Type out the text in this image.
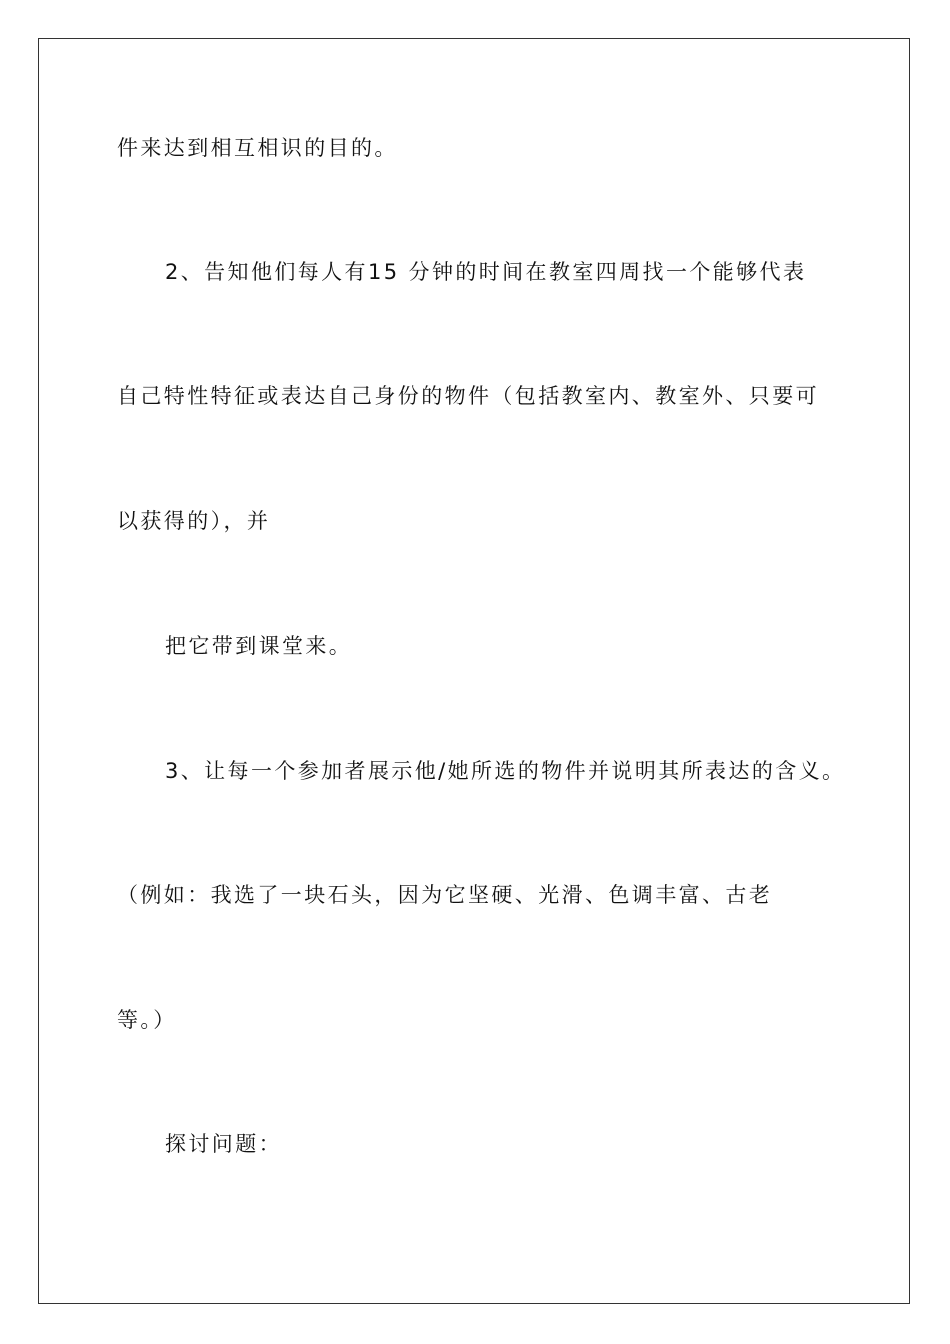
件来达到相互相识的目的。
2、告知他们每人有15 分钟的时间在教室四周找一个能够代表
自己特性特征或表达自己身份的物件（包括教室内、教室外、只要可
以获得的），并
把它带到课堂来。
3、让每一个参加者展示他/她所选的物件并说明其所表达的含义。
（例如：我选了一块石头，因为它坚硬、光滑、色调丰富、古老
等。）
探讨问题：
